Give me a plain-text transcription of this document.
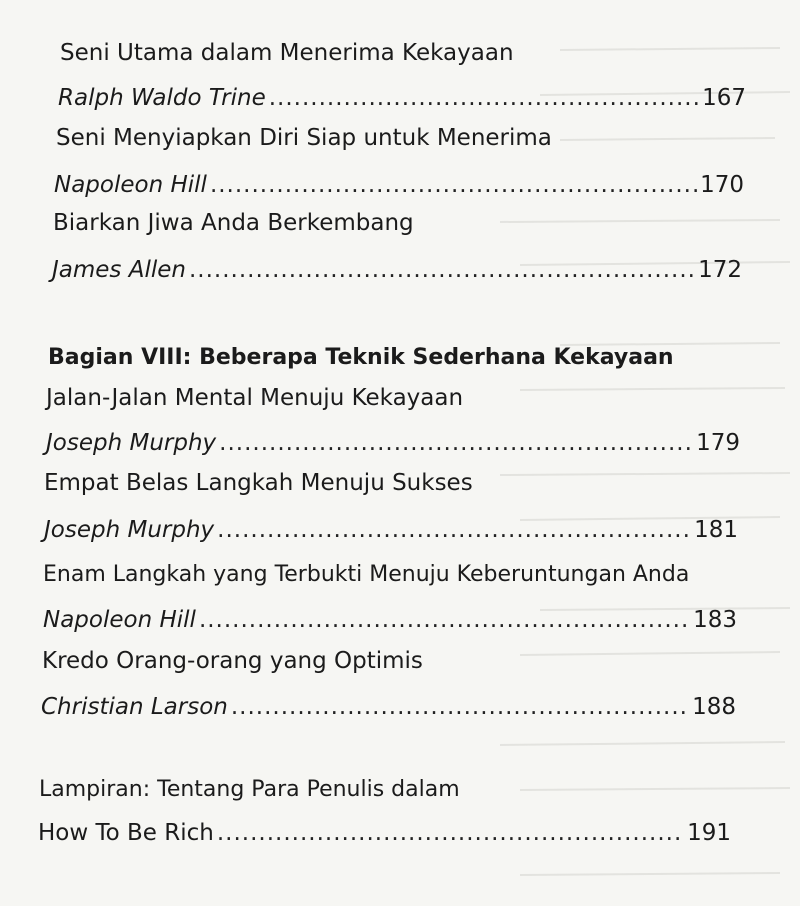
Seni Utama dalam Menerima Kekayaan
Ralph Waldo Trine .....	167
Seni Menyiapkan Diri Siap untuk Menerima
Napoleon Hill .....	170
Biarkan Jiwa Anda Berkembang
James Allen .....	172
Bagian VIII: Beberapa Teknik Sederhana Kekayaan
Jalan-Jalan Mental Menuju Kekayaan
Joseph Murphy .....	179
Empat Belas Langkah Menuju Sukses
Joseph Murphy .....	181
Enam Langkah yang Terbukti Menuju Keberuntungan Anda
Napoleon Hill .....	183
Kredo Orang-orang yang Optimis
Christian Larson .....	188
Lampiran: Tentang Para Penulis dalam
How To Be Rich .....	191
